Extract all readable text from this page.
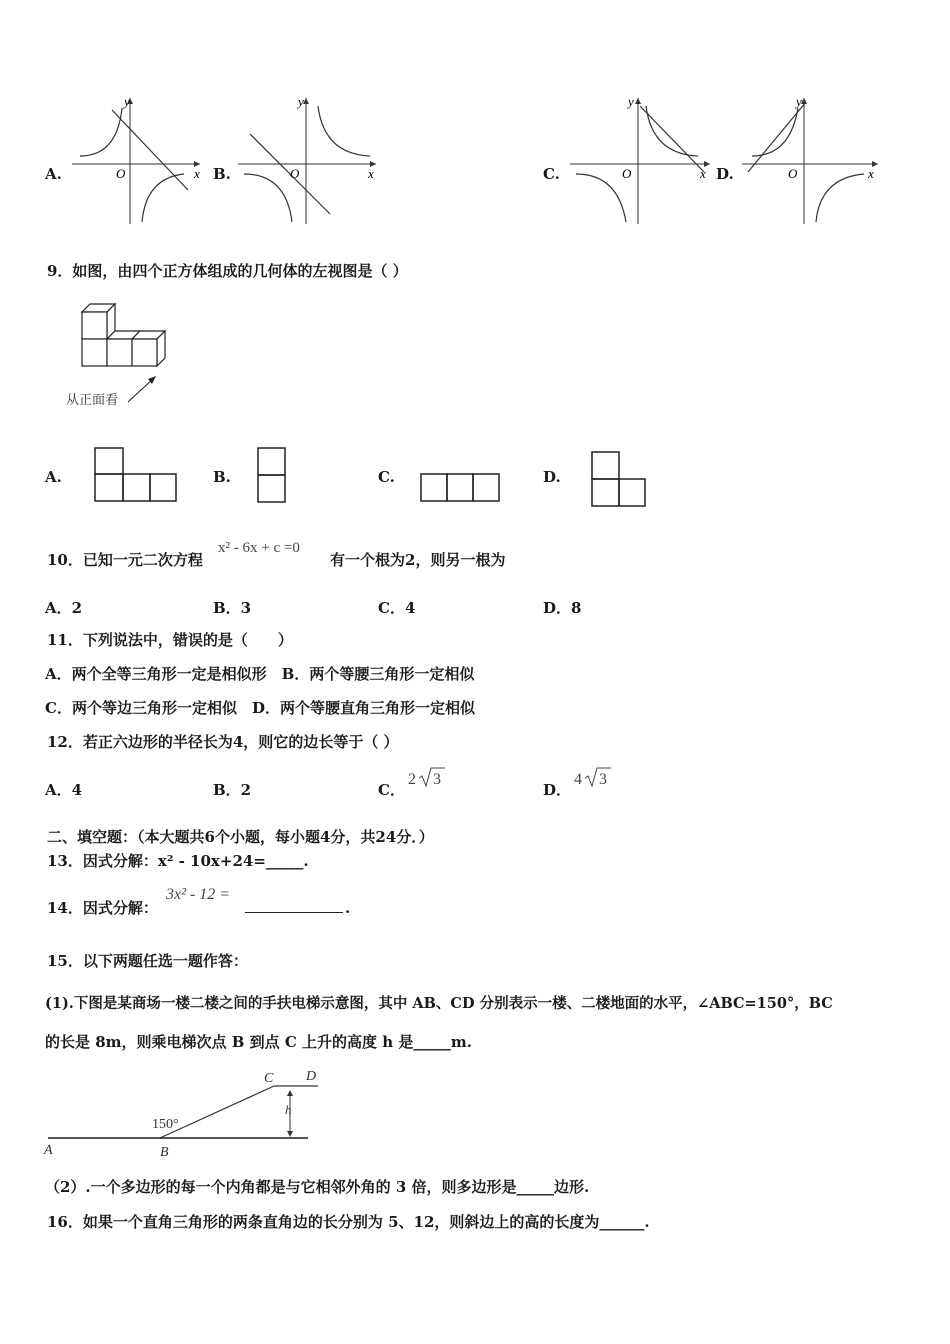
A.
y
x
O	B.
y
x
O	C.
y
x
O	D.
y
x
O
9．如图，由四个正方体组成的几何体的左视图是（ ）
从正面看
A.	B.	C.	D.
10．已知一元二次方程
x² - 6x + c =0
有一个根为2，则另一根为
A．2	B．3	C．4	D．8
11．下列说法中，错误的是（　　）
A．两个全等三角形一定是相似形　B．两个等腰三角形一定相似
C．两个等边三角形一定相似　D．两个等腰直角三角形一定相似
12．若正六边形的半径长为4，则它的边长等于（ ）
A．4	B．2	C．
2 3
D．
4 3
二、填空题：（本大题共6个小题，每小题4分，共24分．）
13．因式分解：x² - 10x+24=_____.
14．因式分解：
3x² - 12 =
.
15．以下两题任选一题作答：
(1).下图是某商场一楼二楼之间的手扶电梯示意图，其中 AB、CD 分别表示一楼、二楼地面的水平，∠ABC=150°，BC
的长是 8m，则乘电梯次点 B 到点 C 上升的高度 h 是_____m.
A	B
C D
h
150°
（2）.一个多边形的每一个内角都是与它相邻外角的 3 倍，则多边形是_____边形.
16．如果一个直角三角形的两条直角边的长分别为 5、12，则斜边上的高的长度为______.
